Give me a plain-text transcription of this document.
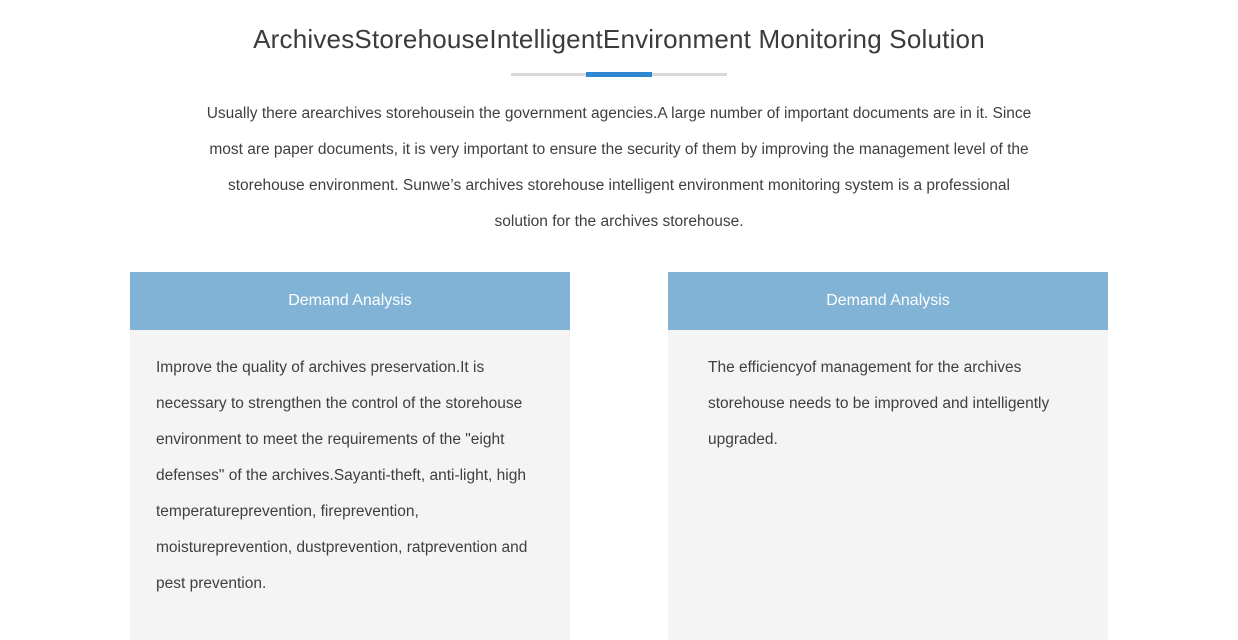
ArchivesStorehouseIntelligentEnvironment Monitoring Solution

Usually there arearchives storehousein the government agencies.A large number of important documents are in it. Since most are paper documents, it is very important to ensure the security of them by improving the management level of the storehouse environment. Sunwe’s archives storehouse intelligent environment monitoring system is a professional solution for the archives storehouse.

Demand Analysis
Improve the quality of archives preservation.It is necessary to strengthen the control of the storehouse environment to meet the requirements of the "eight defenses" of the archives.Sayanti-theft, anti-light, high temperatureprevention, fireprevention, moistureprevention, dustprevention, ratprevention and pest prevention.
Demand Analysis
The efficiencyof management for the archives storehouse needs to be improved and intelligently upgraded.
